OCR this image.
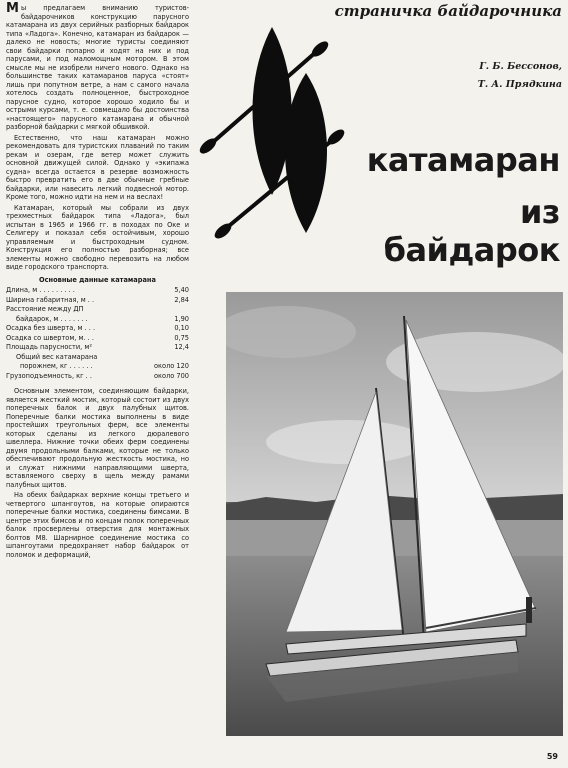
Мы предлагаем вниманию туристов-байдарочников конструкцию парусного катамарана из двух серийных разборных байдарок типа «Ладога». Конечно, катамаран из байдарок — далеко не новость; многие туристы соединяют свои байдарки попарно и ходят на них и под парусами, и под маломощным мотором. В этом смысле мы не изобрели ничего нового. Однако на большинстве таких катамаранов паруса «стоят» лишь при попутном ветре, а нам с самого начала хотелось создать полноценное, быстроходное парусное судно, которое хорошо ходило бы и острыми курсами, т. е. совмещало бы достоинства «настоящего» парусного катамарана и обычной разборной байдарки с мягкой обшивкой.

Естественно, что наш катамаран можно рекомендовать для туристских плаваний по таким рекам и озерам, где ветер может служить основной движущей силой. Однако у «экипажа судна» всегда остается в резерве возможность быстро превратить его в две обычные гребные байдарки, или навесить легкий подвесной мотор. Кроме того, можно идти на нем и на веслах!

Катамаран, который мы собрали из двух трехместных байдарок типа «Ладога», был испытан в 1965 и 1966 гг. в походах по Оке и Селигеру и показал себя остойчивым, хорошо управляемым и быстроходным судном. Конструкция его полностью разборная; все элементы можно свободно перевозить на любом виде городского транспорта.

Основные данные катамарана
Длина, м . . . . . . . . .	5,40
Ширина габаритная, м . .	2,84
Расстояние между ДП	
байдарок, м . . . . . . .	1,90
Осадка без шверта, м . . .	0,10
Осадка со швертом, м. . .	0,75
Площадь парусности, м²	12,4
Общий вес катамарана	
порожнем, кг . . . . . .	около 120
Грузоподъемность, кг . .	около 700

Основным элементом, соединяющим байдарки, является жесткий мостик, который состоит из двух поперечных балок и двух палубных щитов. Поперечные балки мостика выполнены в виде простейших треугольных ферм, все элементы которых сделаны из легкого дюралевого швеллера. Нижние точки обеих ферм соединены двумя продольными балками, которые не только обеспечивают продольную жесткость мостика, но и служат нижними направляющими шверта, вставляемого сверху в щель между рамами палубных щитов.

На обеих байдарках верхние концы третьего и четвертого шпангоутов, на которые опираются поперечные балки мостика, соединены бимсами. В центре этих бимсов и по концам полок поперечных балок просверлены отверстия для монтажных болтов М8. Шарнирное соединение мостика со шпангоутами предохраняет набор байдарок от поломок и деформаций,

страничка байдарочника
Г. Б. Бессонов,
Т. А. Прядкина
катамаран
из
байдарок
59
